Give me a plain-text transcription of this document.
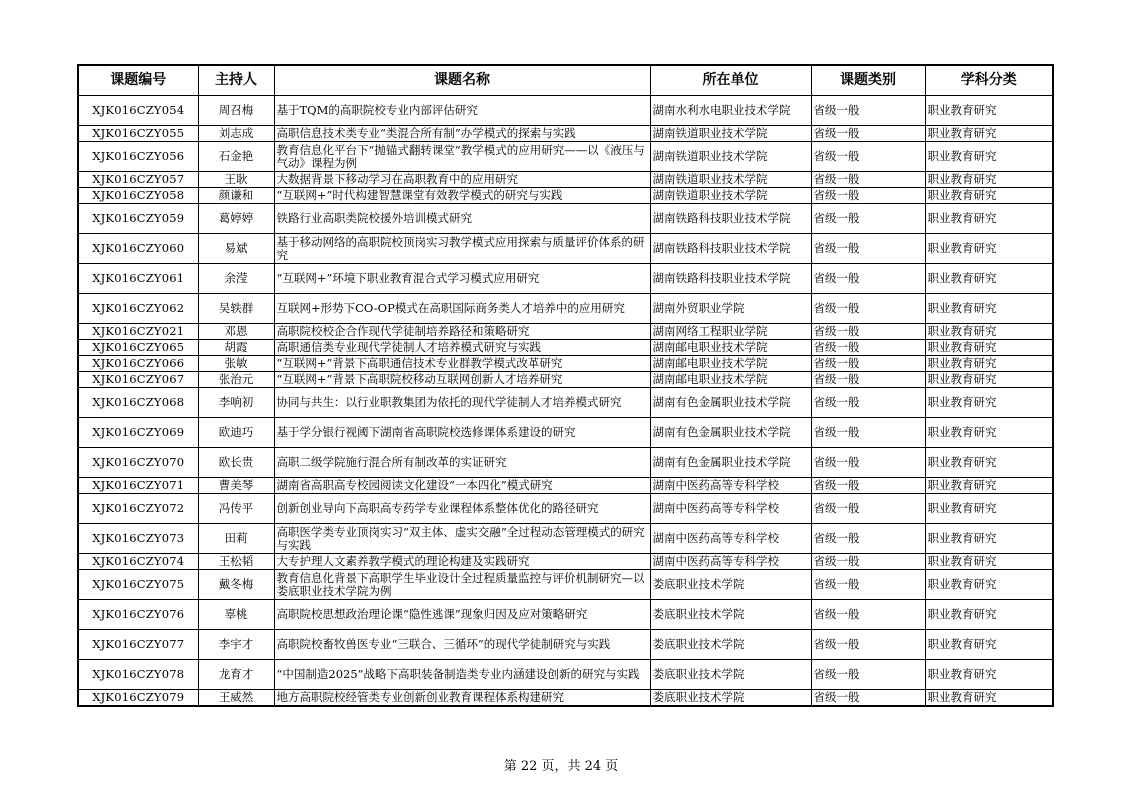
课题编号	主持人	课题名称	所在单位	课题类别	学科分类
XJK016CZY054	周召梅	基于TQM的高职院校专业内部评估研究	湖南水利水电职业技术学院	省级一般	职业教育研究
XJK016CZY055	刘志成	高职信息技术类专业“类混合所有制”办学模式的探索与实践	湖南铁道职业技术学院	省级一般	职业教育研究
XJK016CZY056	石金艳	教育信息化平台下“抛锚式翻转课堂”教学模式的应用研究——以《液压与气动》课程为例	湖南铁道职业技术学院	省级一般	职业教育研究
XJK016CZY057	王耿	大数据背景下移动学习在高职教育中的应用研究	湖南铁道职业技术学院	省级一般	职业教育研究
XJK016CZY058	颜谦和	“互联网+”时代构建智慧课堂有效教学模式的研究与实践	湖南铁道职业技术学院	省级一般	职业教育研究
XJK016CZY059	葛婷婷	铁路行业高职类院校援外培训模式研究	湖南铁路科技职业技术学院	省级一般	职业教育研究
XJK016CZY060	易斌	基于移动网络的高职院校顶岗实习教学模式应用探索与质量评价体系的研究	湖南铁路科技职业技术学院	省级一般	职业教育研究
XJK016CZY061	余滢	“互联网+”环境下职业教育混合式学习模式应用研究	湖南铁路科技职业技术学院	省级一般	职业教育研究
XJK016CZY062	吴轶群	互联网+形势下CO-OP模式在高职国际商务类人才培养中的应用研究	湖南外贸职业学院	省级一般	职业教育研究
XJK016CZY021	邓恩	高职院校校企合作现代学徒制培养路径和策略研究	湖南网络工程职业学院	省级一般	职业教育研究
XJK016CZY065	胡霞	高职通信类专业现代学徒制人才培养模式研究与实践	湖南邮电职业技术学院	省级一般	职业教育研究
XJK016CZY066	张敏	“互联网+”背景下高职通信技术专业群教学模式改革研究	湖南邮电职业技术学院	省级一般	职业教育研究
XJK016CZY067	张治元	“互联网+”背景下高职院校移动互联网创新人才培养研究	湖南邮电职业技术学院	省级一般	职业教育研究
XJK016CZY068	李响初	协同与共生：以行业职教集团为依托的现代学徒制人才培养模式研究	湖南有色金属职业技术学院	省级一般	职业教育研究
XJK016CZY069	欧迪巧	基于学分银行视阈下湖南省高职院校选修课体系建设的研究	湖南有色金属职业技术学院	省级一般	职业教育研究
XJK016CZY070	欧长贵	高职二级学院施行混合所有制改革的实证研究	湖南有色金属职业技术学院	省级一般	职业教育研究
XJK016CZY071	曹美琴	湖南省高职高专校园阅读文化建设“一本四化”模式研究	湖南中医药高等专科学校	省级一般	职业教育研究
XJK016CZY072	冯传平	创新创业导向下高职高专药学专业课程体系整体优化的路径研究	湖南中医药高等专科学校	省级一般	职业教育研究
XJK016CZY073	田莉	高职医学类专业顶岗实习“双主体、虚实交融”全过程动态管理模式的研究与实践	湖南中医药高等专科学校	省级一般	职业教育研究
XJK016CZY074	王松韬	大专护理人文素养教学模式的理论构建及实践研究	湖南中医药高等专科学校	省级一般	职业教育研究
XJK016CZY075	戴冬梅	教育信息化背景下高职学生毕业设计全过程质量监控与评价机制研究—以娄底职业技术学院为例	娄底职业技术学院	省级一般	职业教育研究
XJK016CZY076	辜桃	高职院校思想政治理论课“隐性逃课”现象归因及应对策略研究	娄底职业技术学院	省级一般	职业教育研究
XJK016CZY077	李宇才	高职院校畜牧兽医专业“三联合、三循环”的现代学徒制研究与实践	娄底职业技术学院	省级一般	职业教育研究
XJK016CZY078	龙育才	“中国制造2025”战略下高职装备制造类专业内涵建设创新的研究与实践	娄底职业技术学院	省级一般	职业教育研究
XJK016CZY079	王威然	地方高职院校经管类专业创新创业教育课程体系构建研究	娄底职业技术学院	省级一般	职业教育研究
第 22 页，共 24 页
